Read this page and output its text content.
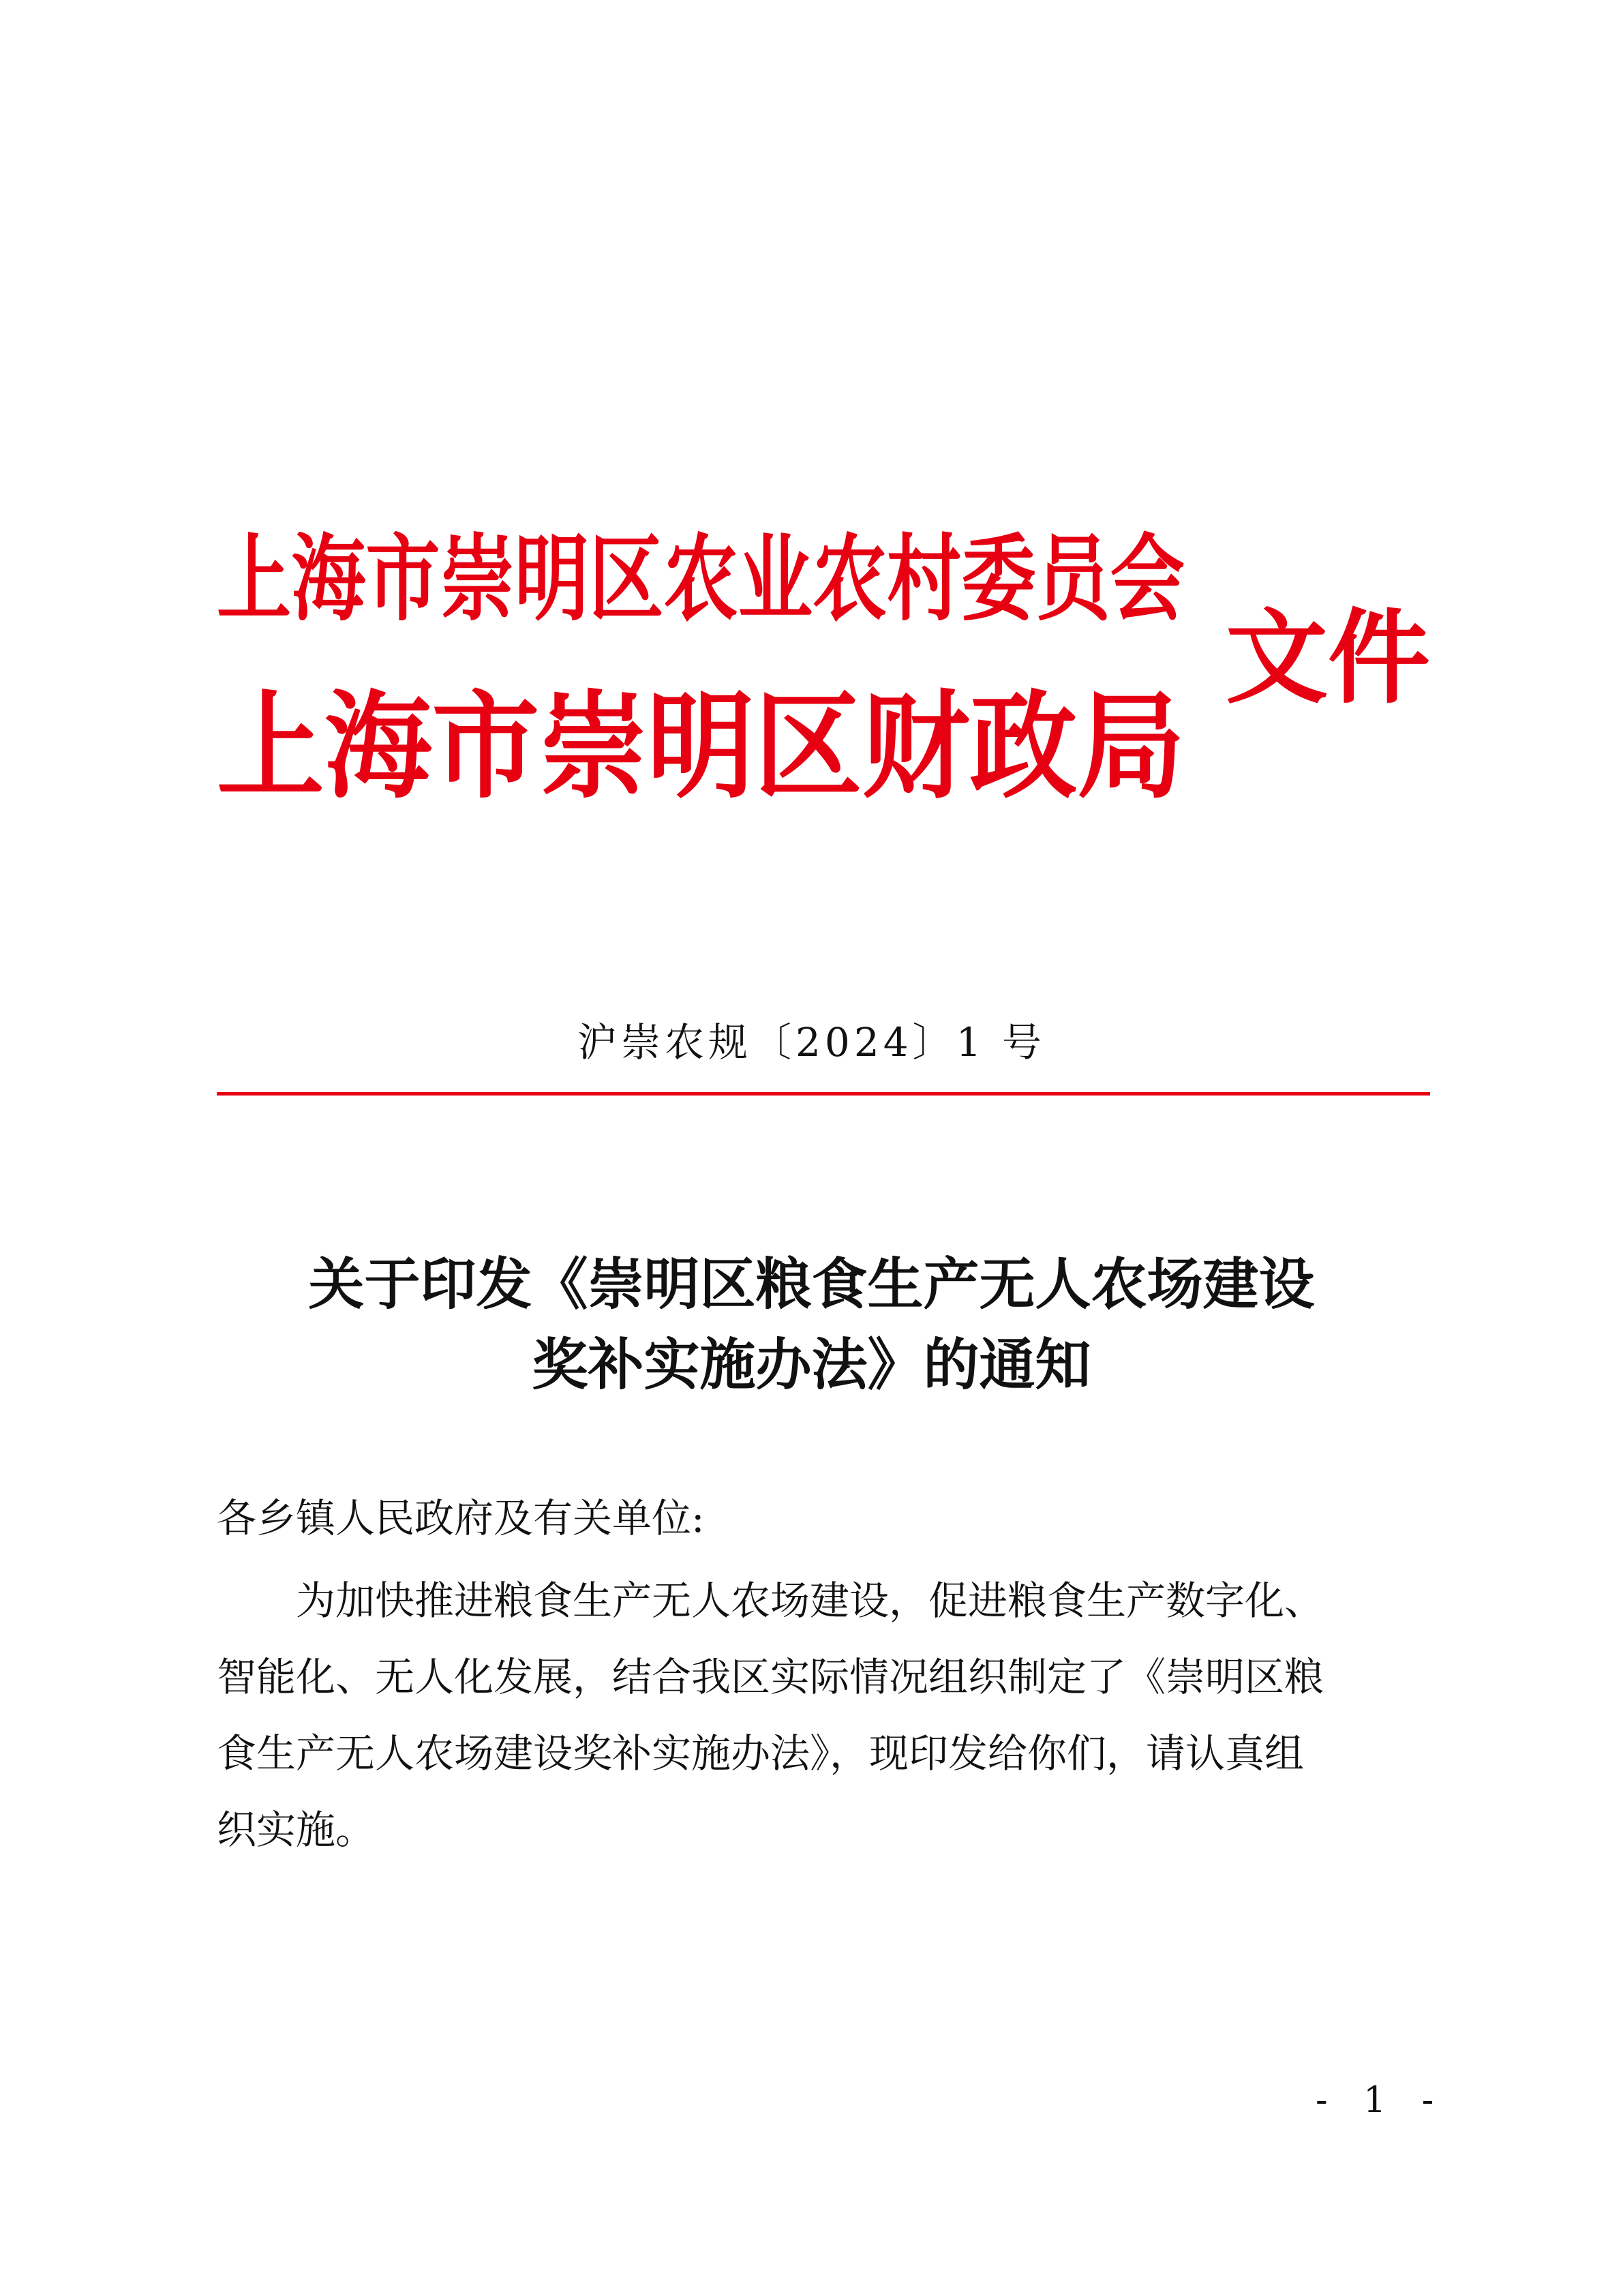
上海市崇明区农业农村委员会
上海市崇明区财政局
文件
沪崇农规〔2024〕1 号
关于印发《崇明区粮食生产无人农场建设
奖补实施办法》的通知
各乡镇人民政府及有关单位:
为加快推进粮食生产无人农场建设，促进粮食生产数字化、
智能化、无人化发展，结合我区实际情况组织制定了《崇明区粮
食生产无人农场建设奖补实施办法》，现印发给你们，请认真组
织实施。
- 1 -
